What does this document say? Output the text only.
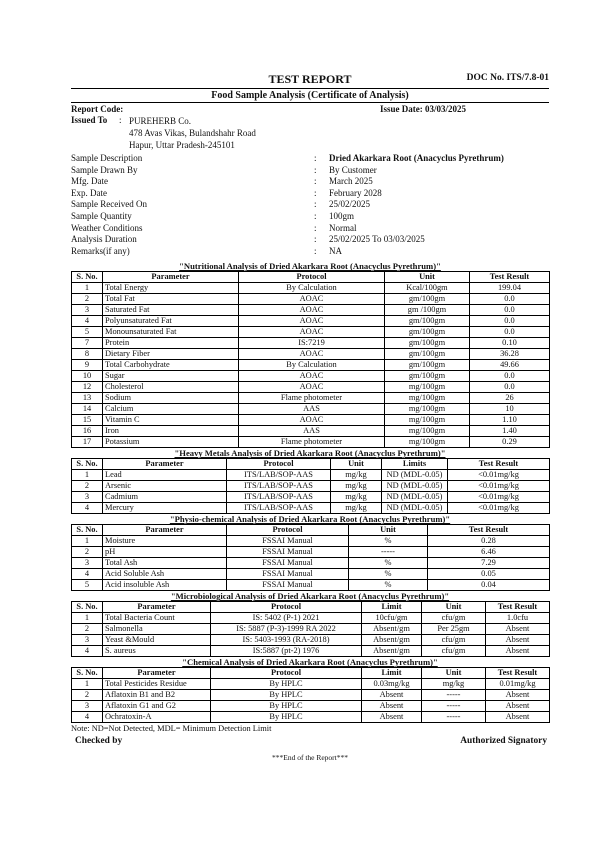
TEST REPORT	DOC No. ITS/7.8-01
Food Sample Analysis (Certificate of Analysis)
Report Code:	Issue Date: 03/03/2025
Issued To : PUREHERB Co.
478 Avas Vikas, Bulandshahr Road
Hapur, Uttar Pradesh-245101
Sample Description	: Dried Akarkara Root (Anacyclus Pyrethrum)
Sample Drawn By	: By Customer
Mfg. Date	: March 2025
Exp. Date	: February 2028
Sample Received On	: 25/02/2025
Sample Quantity	: 100gm
Weather Conditions	: Normal
Analysis Duration	: 25/02/2025 To 03/03/2025
Remarks(if any)	: NA
"Nutritional Analysis of Dried Akarkara Root (Anacyclus Pyrethrum)"
S. No.	Parameter	Protocol	Unit	Test Result
1	Total Energy	By Calculation	Kcal/100gm	199.04
2	Total Fat	AOAC	gm/100gm	0.0
3	Saturated Fat	AOAC	gm /100gm	0.0
4	Polyunsaturated Fat	AOAC	gm/100gm	0.0
5	Monounsaturated Fat	AOAC	gm/100gm	0.0
7	Protein	IS:7219	gm/100gm	0.10
8	Dietary Fiber	AOAC	gm/100gm	36.28
9	Total Carbohydrate	By Calculation	gm/100gm	49.66
10	Sugar	AOAC	gm/100gm	0.0
12	Cholesterol	AOAC	mg/100gm	0.0
13	Sodium	Flame photometer	mg/100gm	26
14	Calcium	AAS	mg/100gm	10
15	Vitamin C	AOAC	mg/100gm	1.10
16	Iron	AAS	mg/100gm	1.40
17	Potassium	Flame photometer	mg/100gm	0.29
"Heavy Metals Analysis of Dried Akarkara Root (Anacyclus Pyrethrum)"
S. No.	Parameter	Protocol	Unit	Limits	Test Result
1	Lead	ITS/LAB/SOP-AAS	mg/kg	ND (MDL-0.05)	<0.01mg/kg
2	Arsenic	ITS/LAB/SOP-AAS	mg/kg	ND (MDL-0.05)	<0.01mg/kg
3	Cadmium	ITS/LAB/SOP-AAS	mg/kg	ND (MDL-0.05)	<0.01mg/kg
4	Mercury	ITS/LAB/SOP-AAS	mg/kg	ND (MDL-0.05)	<0.01mg/kg
"Physio-chemical Analysis of Dried Akarkara Root (Anacyclus Pyrethrum)"
S. No.	Parameter	Protocol	Unit	Test Result
1	Moisture	FSSAI Manual	%	0.28
2	pH	FSSAI Manual	-----	6.46
3	Total Ash	FSSAI Manual	%	7.29
4	Acid Soluble Ash	FSSAI Manual	%	0.05
5	Acid insoluble Ash	FSSAI Manual	%	0.04
"Microbiological Analysis of Dried Akarkara Root (Anacyclus Pyrethrum)"
S. No.	Parameter	Protocol	Limit	Unit	Test Result
1	Total Bacteria Count	IS: 5402 (P-1) 2021	10cfu/gm	cfu/gm	1.0cfu
2	Salmonella	IS: 5887 (P-3)-1999 RA 2022	Absent/gm	Per 25gm	Absent
3	Yeast &Mould	IS: 5403-1993 (RA-2018)	Absent/gm	cfu/gm	Absent
4	S. aureus	IS:5887 (pt-2) 1976	Absent/gm	cfu/gm	Absent
"Chemical Analysis of Dried Akarkara Root (Anacyclus Pyrethrum)"
S. No.	Parameter	Protocol	Limit	Unit	Test Result
1	Total Pesticides Residue	By HPLC	0.03mg/kg	mg/kg	0.01mg/kg
2	Aflatoxin B1 and B2	By HPLC	Absent	-----	Absent
3	Aflatoxin G1 and G2	By HPLC	Absent	-----	Absent
4	Ochratoxin-A	By HPLC	Absent	-----	Absent
Note: ND=Not Detected, MDL= Minimum Detection Limit
Checked by	Authorized Signatory
***End of the Report***
